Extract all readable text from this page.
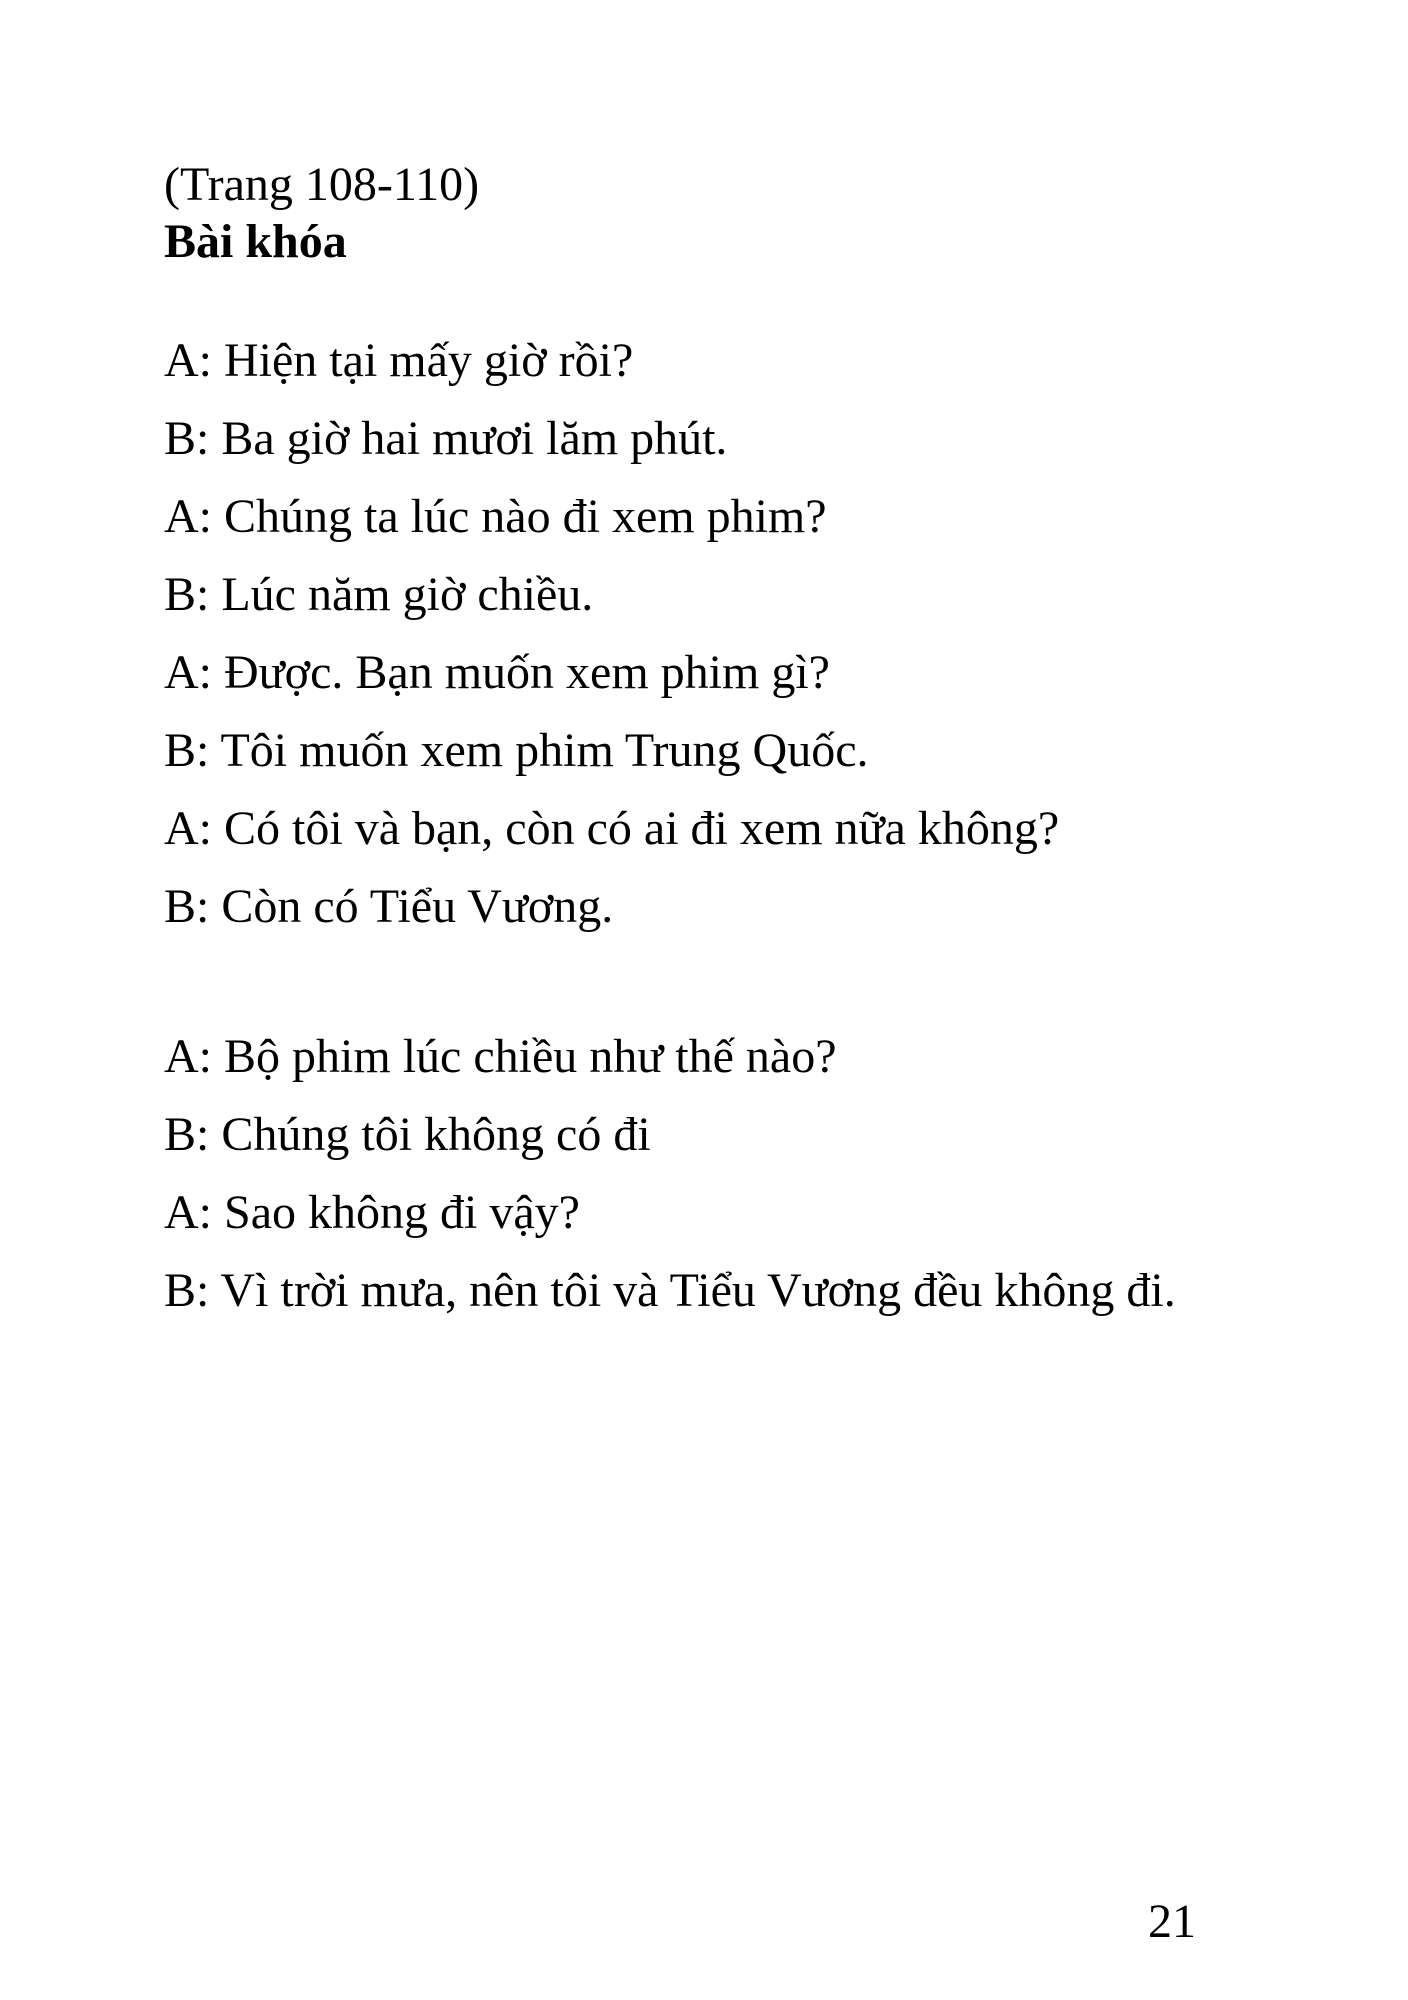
(Trang 108-110)
Bài khóa
A: Hiện tại mấy giờ rồi?
B: Ba giờ hai mươi lăm phút.
A: Chúng ta lúc nào đi xem phim?
B: Lúc năm giờ chiều.
A: Được. Bạn muốn xem phim gì?
B: Tôi muốn xem phim Trung Quốc.
A: Có tôi và bạn, còn có ai đi xem nữa không?
B: Còn có Tiểu Vương.
A: Bộ phim lúc chiều như thế nào?
B: Chúng tôi không có đi
A: Sao không đi vậy?
B: Vì trời mưa, nên tôi và Tiểu Vương đều không đi.
21
